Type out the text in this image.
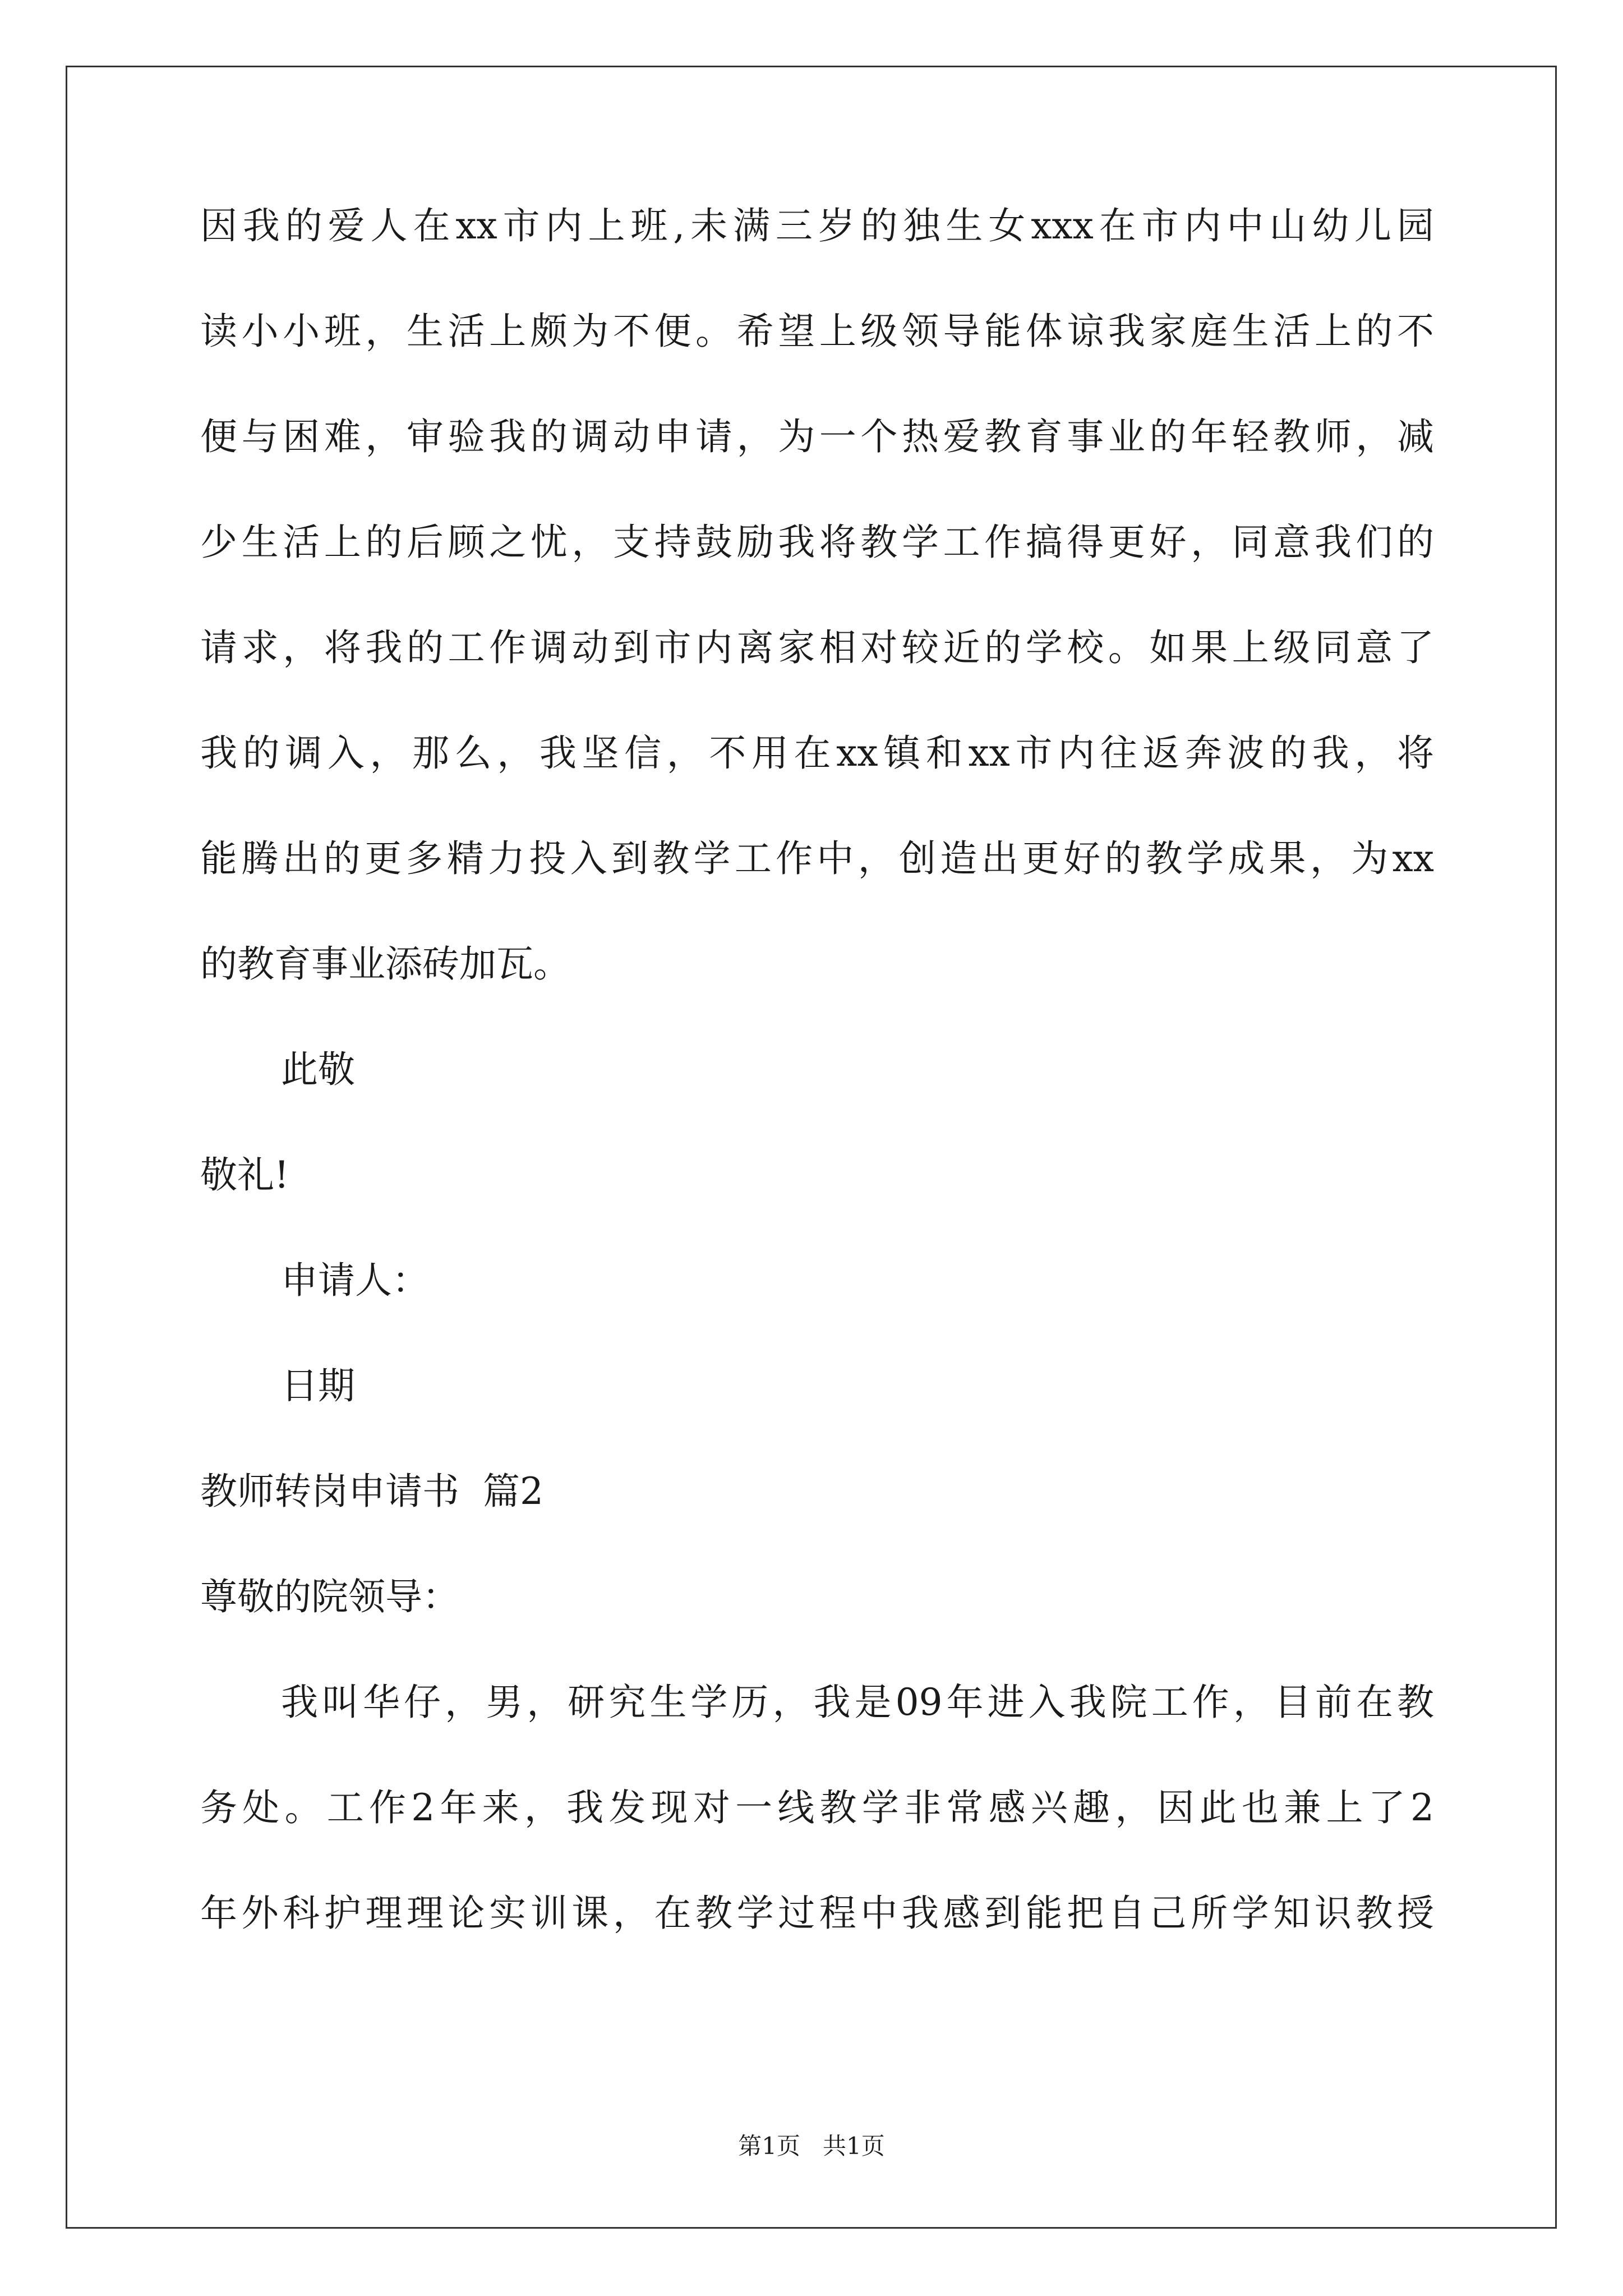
因我的爱人在xx市内上班,未满三岁的独生女xxx在市内中山幼儿园
读小小班，生活上颇为不便。希望上级领导能体谅我家庭生活上的不
便与困难，审验我的调动申请，为一个热爱教育事业的年轻教师，减
少生活上的后顾之忧，支持鼓励我将教学工作搞得更好，同意我们的
请求，将我的工作调动到市内离家相对较近的学校。如果上级同意了
我的调入，那么，我坚信，不用在xx镇和xx市内往返奔波的我，将
能腾出的更多精力投入到教学工作中，创造出更好的教学成果，为xx
的教育事业添砖加瓦。
此敬
敬礼!
申请人：
日期
教师转岗申请书  篇2
尊敬的院领导：
我叫华仔，男，研究生学历，我是09年进入我院工作，目前在教
务处。工作2年来，我发现对一线教学非常感兴趣，因此也兼上了2
年外科护理理论实训课，在教学过程中我感到能把自己所学知识教授
第1页   共1页
